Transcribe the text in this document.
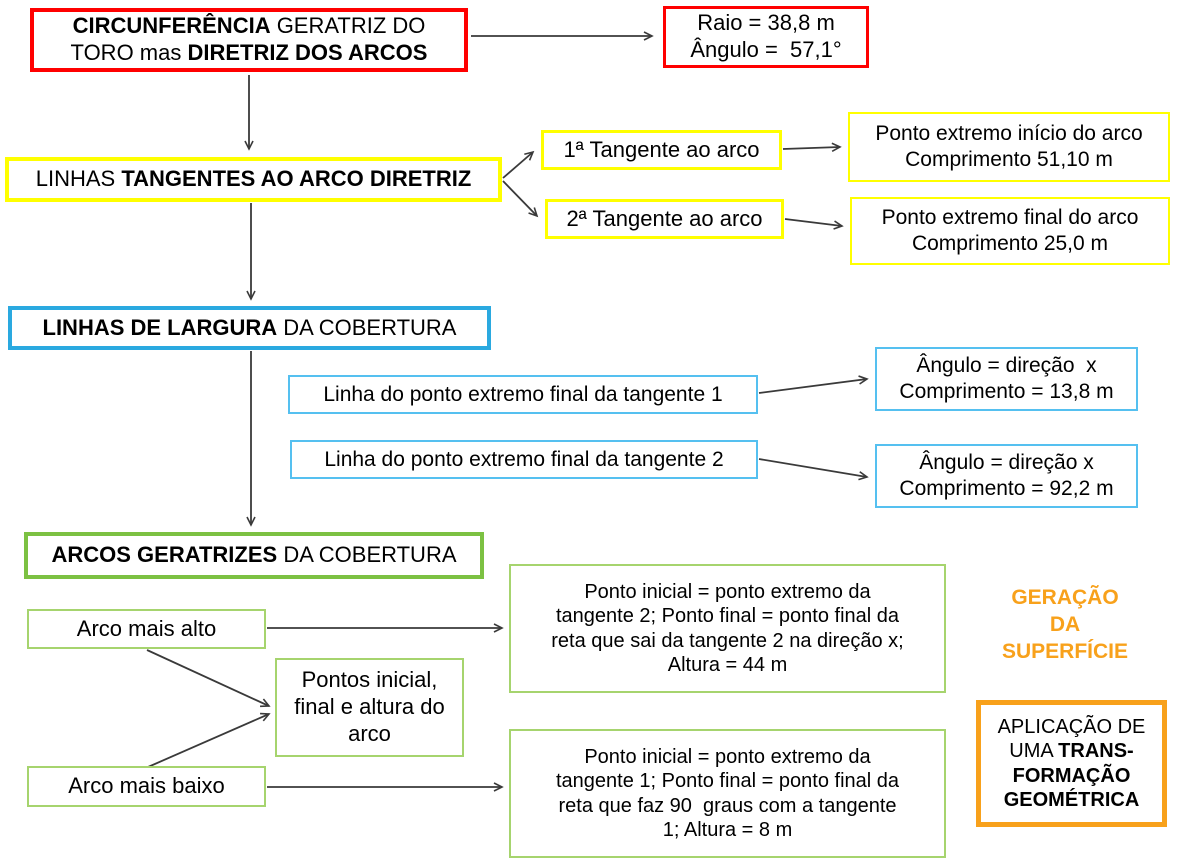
CIRCUNFERÊNCIA GERATRIZ DO
TORO mas DIRETRIZ DOS ARCOS
Raio = 38,8 m
Ângulo =  57,1°
LINHAS TANGENTES AO ARCO DIRETRIZ
1ª Tangente ao arco
2ª Tangente ao arco
Ponto extremo início do arco
Comprimento 51,10 m
Ponto extremo final do arco
Comprimento 25,0 m
LINHAS DE LARGURA DA COBERTURA
Linha do ponto extremo final da tangente 1
Linha do ponto extremo final da tangente 2
Ângulo = direção  x
Comprimento = 13,8 m
Ângulo = direção x
Comprimento = 92,2 m
ARCOS GERATRIZES DA COBERTURA
Arco mais alto
Pontos inicial,
final e altura do
arco
Arco mais baixo
Ponto inicial = ponto extremo da
tangente 2; Ponto final = ponto final da
reta que sai da tangente 2 na direção x;
Altura = 44 m
Ponto inicial = ponto extremo da
tangente 1; Ponto final = ponto final da
reta que faz 90  graus com a tangente
1; Altura = 8 m
GERAÇÃO
DA
SUPERFÍCIE
APLICAÇÃO DE
UMA TRANS-
FORMAÇÃO
GEOMÉTRICA
